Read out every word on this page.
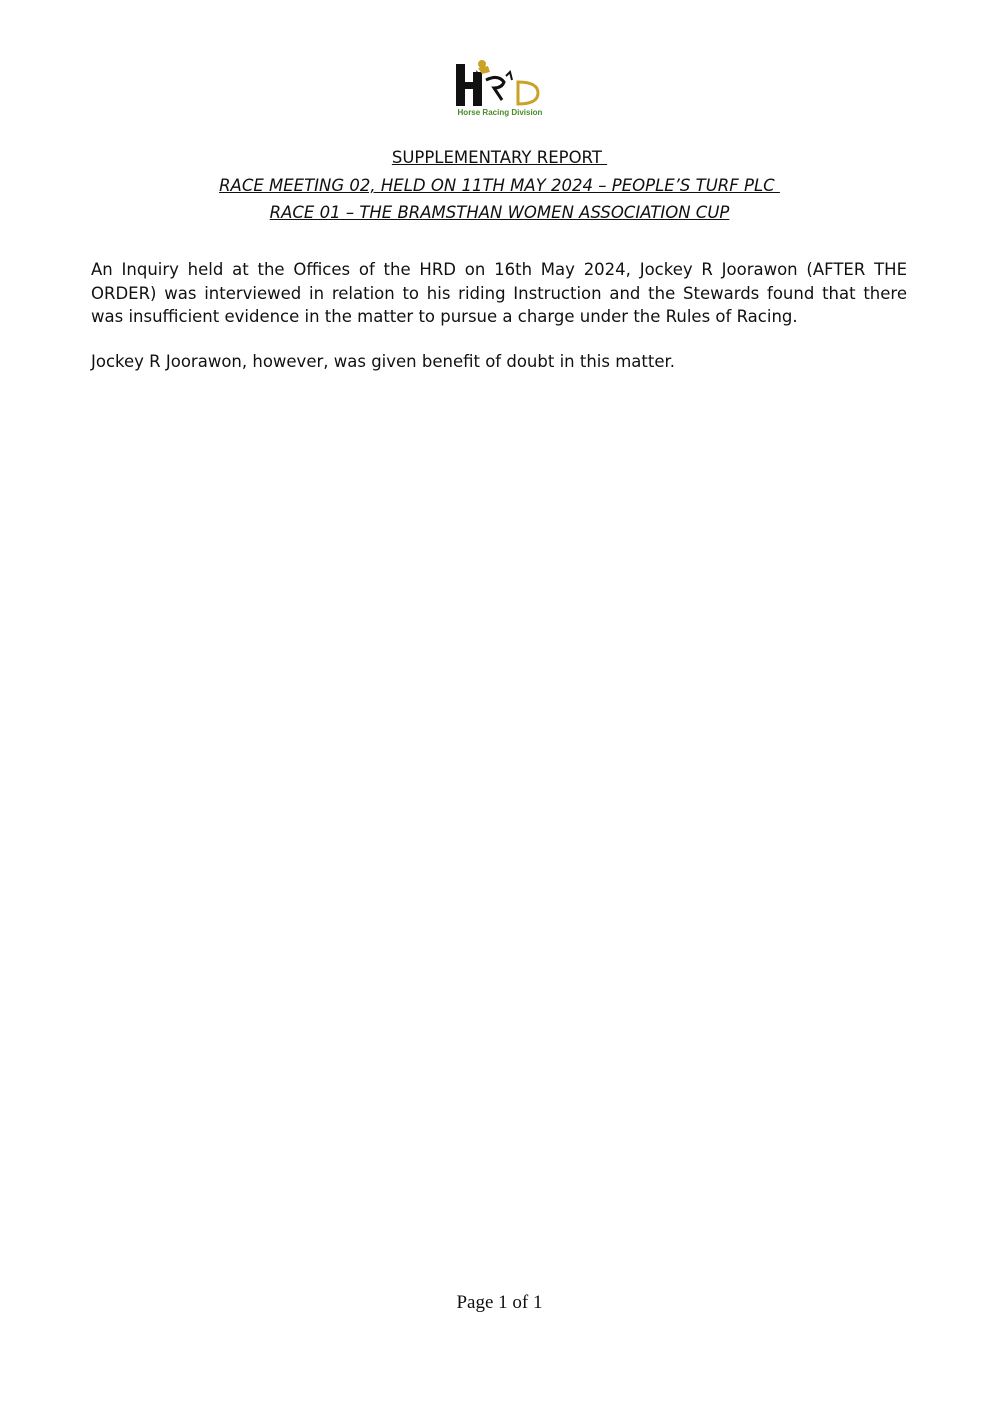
Horse Racing Division
SUPPLEMENTARY REPORT
RACE MEETING 02, HELD ON 11TH MAY 2024 – PEOPLE’S TURF PLC
RACE 01 – THE BRAMSTHAN WOMEN ASSOCIATION CUP
An Inquiry held at the Offices of the HRD on 16th May 2024, Jockey R Joorawon (AFTER THE ORDER) was interviewed in relation to his riding Instruction and the Stewards found that there was insufficient evidence in the matter to pursue a charge under the Rules of Racing.
Jockey R Joorawon, however, was given benefit of doubt in this matter.
Page 1 of 1
